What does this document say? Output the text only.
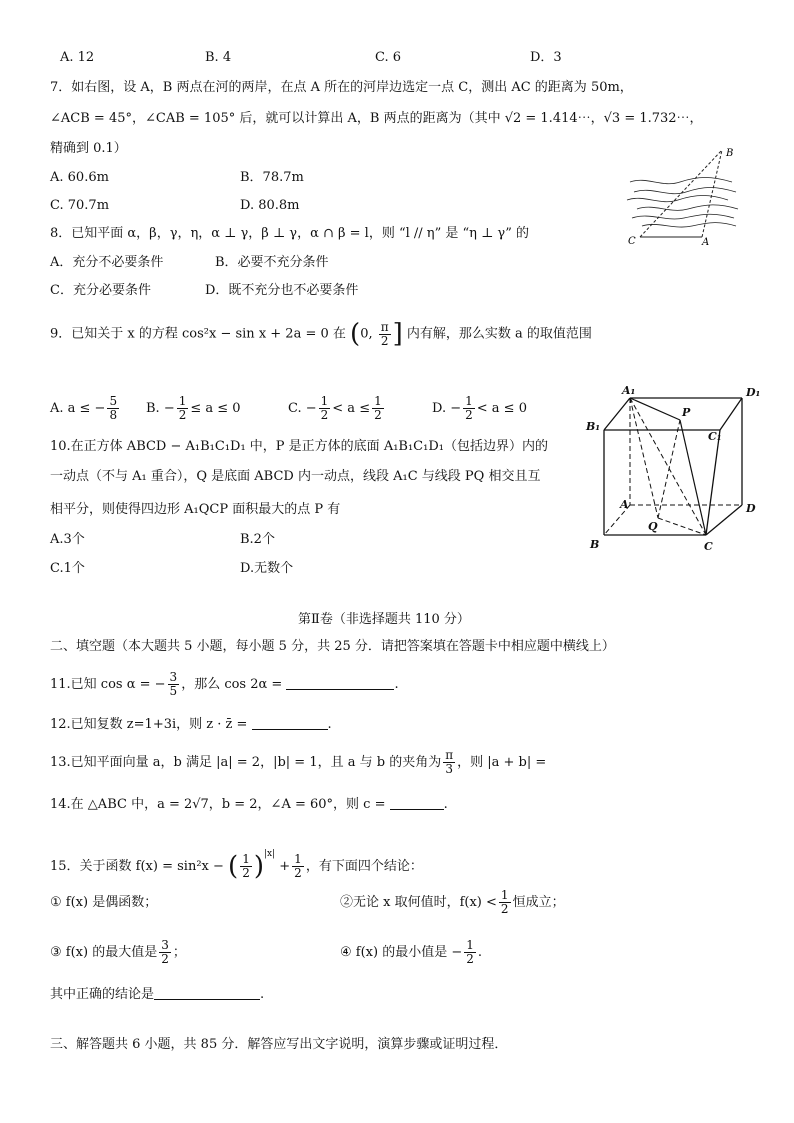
A. 12	B. 4	C. 6	D．3
7．如右图，设 A，B 两点在河的两岸，在点 A 所在的河岸边选定一点 C，测出 AC 的距离为 50m，
∠ACB = 45°，∠CAB = 105° 后，就可以计算出 A，B 两点的距离为（其中 √2 = 1.414⋯，√3 = 1.732⋯，
精确到 0.1）
A. 60.6m	B．78.7m
C. 70.7m	D. 80.8m
B
C	A
8．已知平面 α，β，γ，η，α ⊥ γ，β ⊥ γ，α ∩ β = l，则 “l // η” 是 “η ⊥ γ” 的
A．充分不必要条件	B．必要不充分条件
C．充分必要条件	D．既不充分也不必要条件
9．已知关于 x 的方程 cos²x − sin x + 2a = 0 在 (0, $\frac{\pi}{2}$ ] 内有解，那么实数 a 的取值范围
A. a ≤ − $\frac{5}{8} B$. − $\frac{1}{2} \le a \le 0$	C. − $\frac{1}{2} < a \le \frac{1}{2}$	D. − $\frac{1}{2} < a \le 0$
10.在正方体 ABCD − A₁B₁C₁D₁ 中，P 是正方体的底面 A₁B₁C₁D₁（包括边界）内的
一动点（不与 A₁ 重合），Q 是底面 ABCD 内一动点，线段 A₁C 与线段 PQ 相交且互
相平分，则使得四边形 A₁QCP 面积最大的点 P 有
A.3个	B.2个
C.1个	D.无数个
A₁	D₁
B₁
C₁
P
A	D
Q
B	C
第Ⅱ卷（非选择题共 110 分）
二、填空题（本大题共 5 小题，每小题 5 分，共 25 分．请把答案填在答题卡中相应题中横线上）
11.已知 cos α = − $\frac{3}{5}$ ，那么 cos 2α =	.
12.已知复数 z=1+3i，则 z · z̄ =	.
13.已知平面向量 a，b 满足 |a| = 2，|b| = 1，且 a 与 b 的夹角为 $\frac{\pi}{3}$ ，则 |a + b| =
14.在 △ABC 中，a = 2√7，b = 2，∠A = 60°，则 c =	.
15．关于函数 f(x) = sin²x − ( $\frac{1}{2} )^{|x|} + \frac{1}{2}$ ，有下面四个结论：
① f(x) 是偶函数；	②无论 x 取何值时，$f(x) < \frac{1}{2}$ 恒成立；
③ f(x) 的最大值是 $\frac{3}{2}$ ；	④ f(x) 的最小值是 − $\frac{1}{2}$ .
其中正确的结论是	.
三、解答题共 6 小题，共 85 分．解答应写出文字说明，演算步骤或证明过程．
